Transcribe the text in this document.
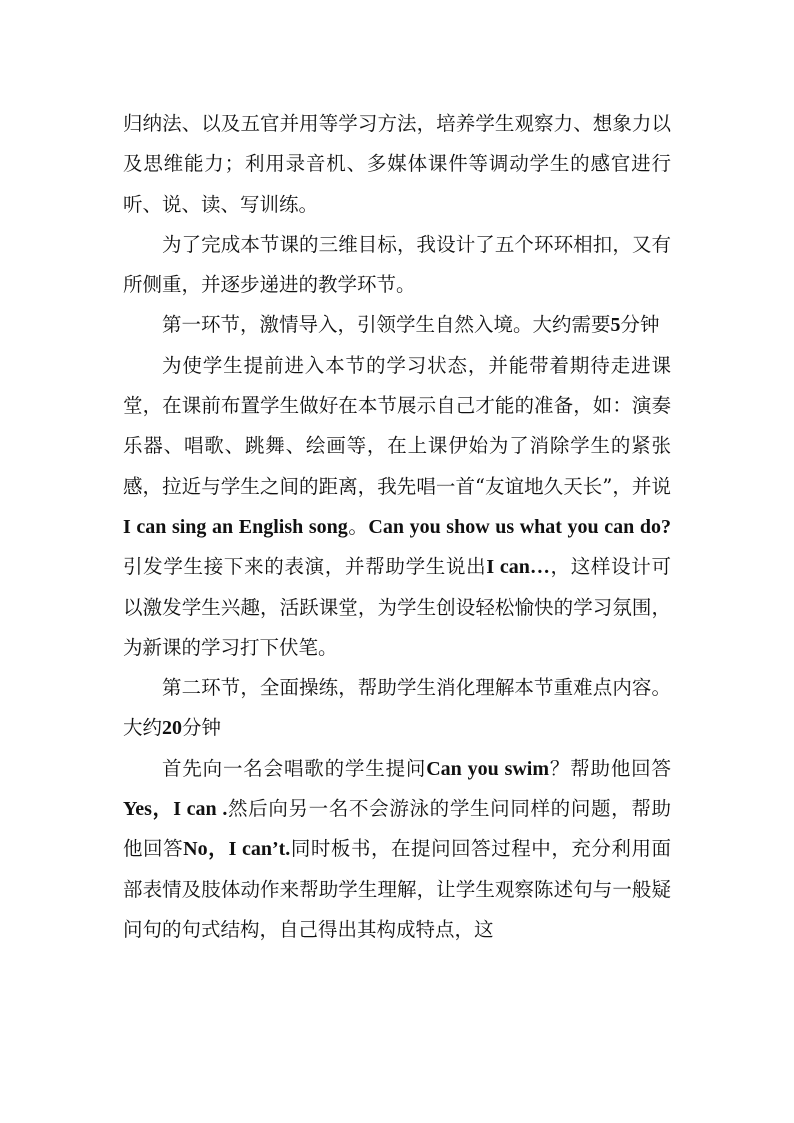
归纳法、以及五官并用等学习方法，培养学生观察力、想象力以及思维能力；利用录音机、多媒体课件等调动学生的感官进行听、说、读、写训练。

为了完成本节课的三维目标，我设计了五个环环相扣，又有所侧重，并逐步递进的教学环节。

第一环节，激情导入，引领学生自然入境。大约需要5分钟

为使学生提前进入本节的学习状态，并能带着期待走进课堂，在课前布置学生做好在本节展示自己才能的准备，如：演奏乐器、唱歌、跳舞、绘画等，在上课伊始为了消除学生的紧张感，拉近与学生之间的距离，我先唱一首“友谊地久天长”，并说I can sing an English song。Can you show us what you can do?引发学生接下来的表演，并帮助学生说出I can…，这样设计可以激发学生兴趣，活跃课堂，为学生创设轻松愉快的学习氛围，为新课的学习打下伏笔。

第二环节，全面操练，帮助学生消化理解本节重难点内容。大约20分钟

首先向一名会唱歌的学生提问Can you swim？帮助他回答Yes，I can .然后向另一名不会游泳的学生问同样的问题，帮助他回答No，I can’t.同时板书，在提问回答过程中，充分利用面部表情及肢体动作来帮助学生理解，让学生观察陈述句与一般疑问句的句式结构，自己得出其构成特点，这
